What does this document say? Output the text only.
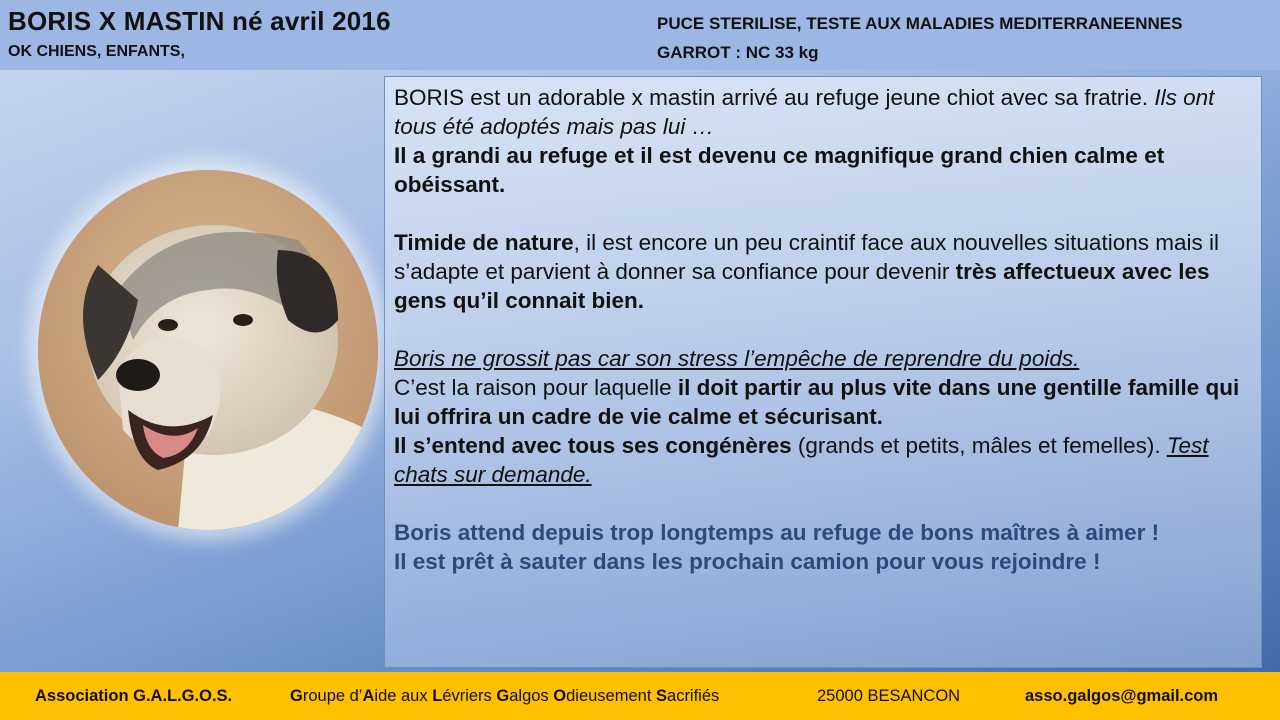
BORIS X MASTIN né avril 2016
OK CHIENS, ENFANTS,
PUCE STERILISE, TESTE AUX MALADIES MEDITERRANEENNES
GARROT : NC 33 kg

BORIS est un adorable x mastin arrivé au refuge jeune chiot avec sa fratrie. Ils ont tous été adoptés mais pas lui …

Il a grandi au refuge et il est devenu ce magnifique grand chien calme et obéissant.

Timide de nature, il est encore un peu craintif face aux nouvelles situations mais il s’adapte et parvient à donner sa confiance pour devenir très affectueux avec les gens qu’il connait bien.

Boris ne grossit pas car son stress l’empêche de reprendre du poids.

C’est la raison pour laquelle il doit partir au plus vite dans une gentille famille qui lui offrira un cadre de vie calme et sécurisant.

Il s’entend avec tous ses congénères (grands et petits, mâles et femelles). Test chats sur demande.

Boris attend depuis trop longtemps au refuge de bons maîtres à aimer !

Il est prêt à sauter dans les prochain camion pour vous rejoindre !

Association G.A.L.G.O.S.	Groupe d’Aide aux Lévriers Galgos Odieusement Sacrifiés	25000 BESANCON	asso.galgos@gmail.com
